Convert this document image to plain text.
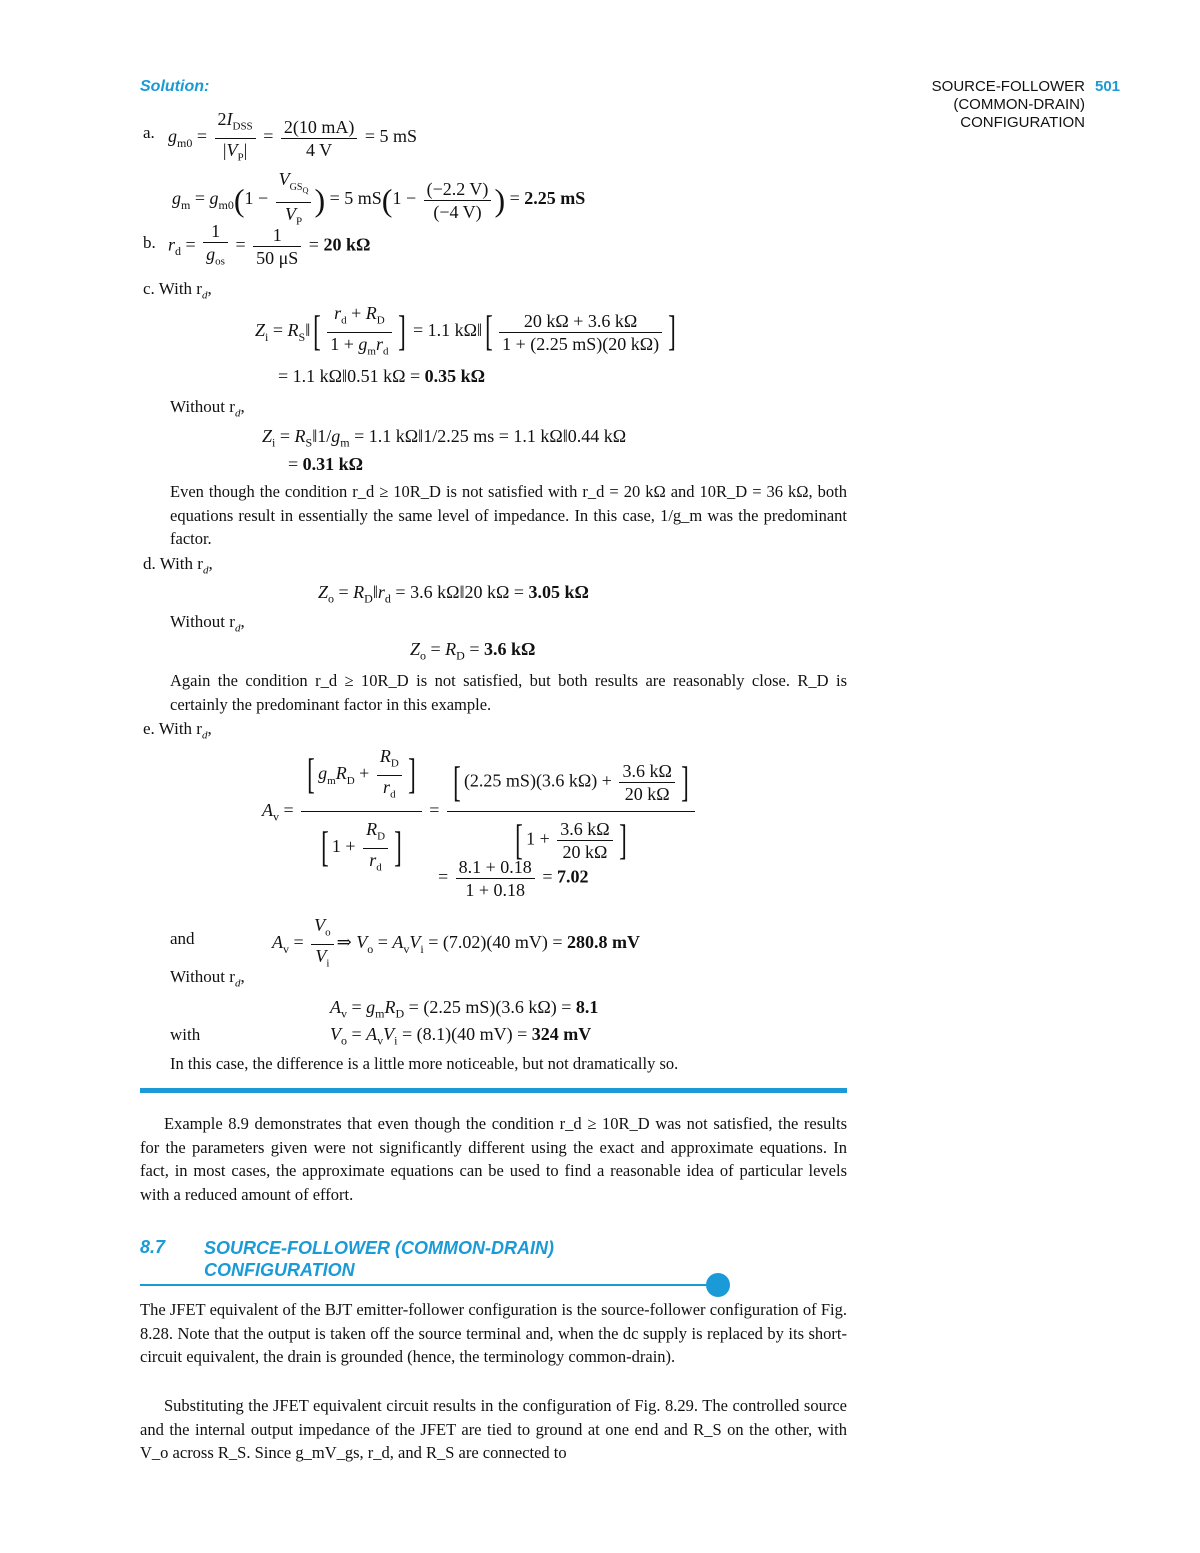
SOURCE-FOLLOWER
(COMMON-DRAIN)
CONFIGURATION
501
Solution:
a. $g_{m0} = \frac{2I_{DSS}}{|V_P|} = \frac{2(10 mA)}{4 V} = 5$ mS
$g_m = g_{m0}(1 - \frac{V_{GS_Q}}{V_P}$ ) = 5 $mS(1 - \frac{(-2.2 V)}{(-4 V)}$ ) = 2.25 mS
b. $r_d = \frac{1}{g_{os}} = \frac{1}{50 \mu S} = 20$ kΩ
c. With $r_d$,
$Z_i$ = $R_S‖[ \frac{r_d + R_D}{1 + g_mr_d}$ ] = 1.1 kΩ‖[ $\frac{20 k\Omega + 3.6 k\Omega}{1 + (2.25 mS)(20 k\Omega)}$ ]
= 1.1 kΩ‖0.51 kΩ = 0.35 kΩ
Without $r_d$,
$Z_i$ = $R_S‖1/g_m = 1.1$ kΩ‖1/2.25 ms = 1.1 kΩ‖0.44 kΩ
= 0.31 kΩ
Even though the condition r_d ≥ 10R_D is not satisfied with r_d = 20 kΩ and 10R_D = 36 kΩ, both equations result in essentially the same level of impedance. In this case, 1/g_m was the predominant factor.
d. With $r_d$,
$Z_o$ = $R_D‖r_d = 3.6$ kΩ‖20 kΩ = 3.05 kΩ
Without $r_d$,
$Z_o = R_D = 3.6$ kΩ
Again the condition r_d ≥ 10R_D is not satisfied, but both results are reasonably close. R_D is certainly the predominant factor in this example.
e. With $r_d$,
$A_v = \frac{[ g_mR_D + \frac{R_D}{r_d} ]}{[ 1 + \frac{R_D}{r_d} ]} = \frac{[ (2.25 mS)(3.6 k\Omega) + \frac{3.6 k\Omega}{20 k\Omega} ]}{[ 1 + \frac{3.6 k\Omega}{20 k\Omega} ]}$
= $\frac{8.1 + 0.18}{1 + 0.18} = 7.02$
and	$A_v = \frac{V_o}{V_i}$ ⇒ $V_o = A_vV_i = (7.02)(40$ mV) = 280.8 mV
Without $r_d$,
$A_v = g_mR_D = (2.25$ mS)(3.6 kΩ) = 8.1
with	$V_o = A_vV_i = (8.1)(40$ mV) = 324 mV
In this case, the difference is a little more noticeable, but not dramatically so.
Example 8.9 demonstrates that even though the condition r_d ≥ 10R_D was not satisfied, the results for the parameters given were not significantly different using the exact and approximate equations. In fact, in most cases, the approximate equations can be used to find a reasonable idea of particular levels with a reduced amount of effort.
8.7 SOURCE-FOLLOWER (COMMON-DRAIN)
CONFIGURATION
The JFET equivalent of the BJT emitter-follower configuration is the source-follower configuration of Fig. 8.28. Note that the output is taken off the source terminal and, when the dc supply is replaced by its short-circuit equivalent, the drain is grounded (hence, the terminology common-drain).
Substituting the JFET equivalent circuit results in the configuration of Fig. 8.29. The controlled source and the internal output impedance of the JFET are tied to ground at one end and R_S on the other, with V_o across R_S. Since g_mV_gs, r_d, and R_S are connected to
